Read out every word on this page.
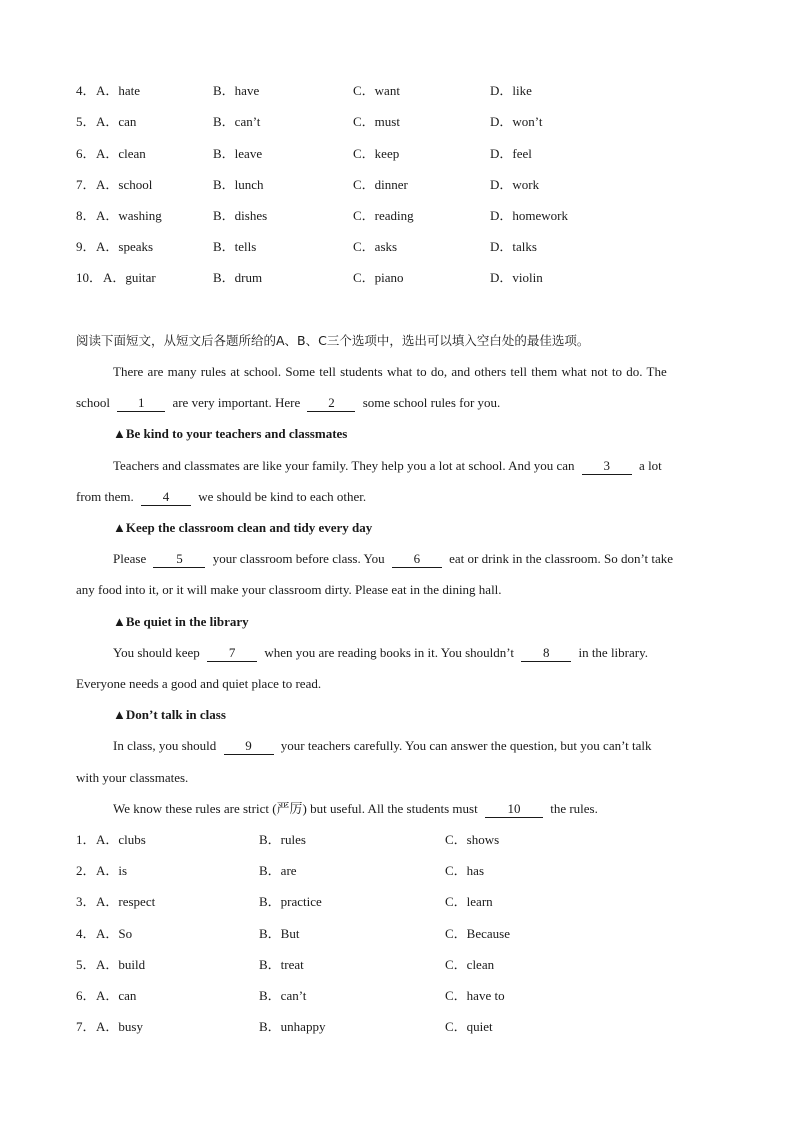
4． A．hate	B．have	C．want	D．like
5． A．can	B．can’t	C．must	D．won’t
6． A．clean	B．leave	C．keep	D．feel
7． A．school	B．lunch	C．dinner	D．work
8． A．washing	B．dishes	C．reading	D．homework
9． A．speaks	B．tells	C．asks	D．talks
10． A．guitar	B．drum	C．piano	D．violin
阅读下面短文，从短文后各题所给的A、B、C三个选项中，选出可以填入空白处的最佳选项。
There are many rules at school. Some tell students what to do, and others tell them what not to do. The
school 1 are very important. Here 2 some school rules for you.
▲Be kind to your teachers and classmates
Teachers and classmates are like your family. They help you a lot at school. And you can 3 a lot
from them. 4 we should be kind to each other.
▲Keep the classroom clean and tidy every day
Please 5 your classroom before class. You 6 eat or drink in the classroom. So don’t take
any food into it, or it will make your classroom dirty. Please eat in the dining hall.
▲Be quiet in the library
You should keep 7 when you are reading books in it. You shouldn’t 8 in the library.
Everyone needs a good and quiet place to read.
▲Don’t talk in class
In class, you should 9 your teachers carefully. You can answer the question, but you can’t talk
with your classmates.
We know these rules are strict (严厉) but useful. All the students must 10 the rules.
1． A．clubs	B．rules	C．shows
2． A．is	B．are	C．has
3． A．respect	B．practice	C．learn
4． A．So	B．But	C．Because
5． A．build	B．treat	C．clean
6． A．can	B．can’t	C．have to
7． A．busy	B．unhappy	C．quiet
